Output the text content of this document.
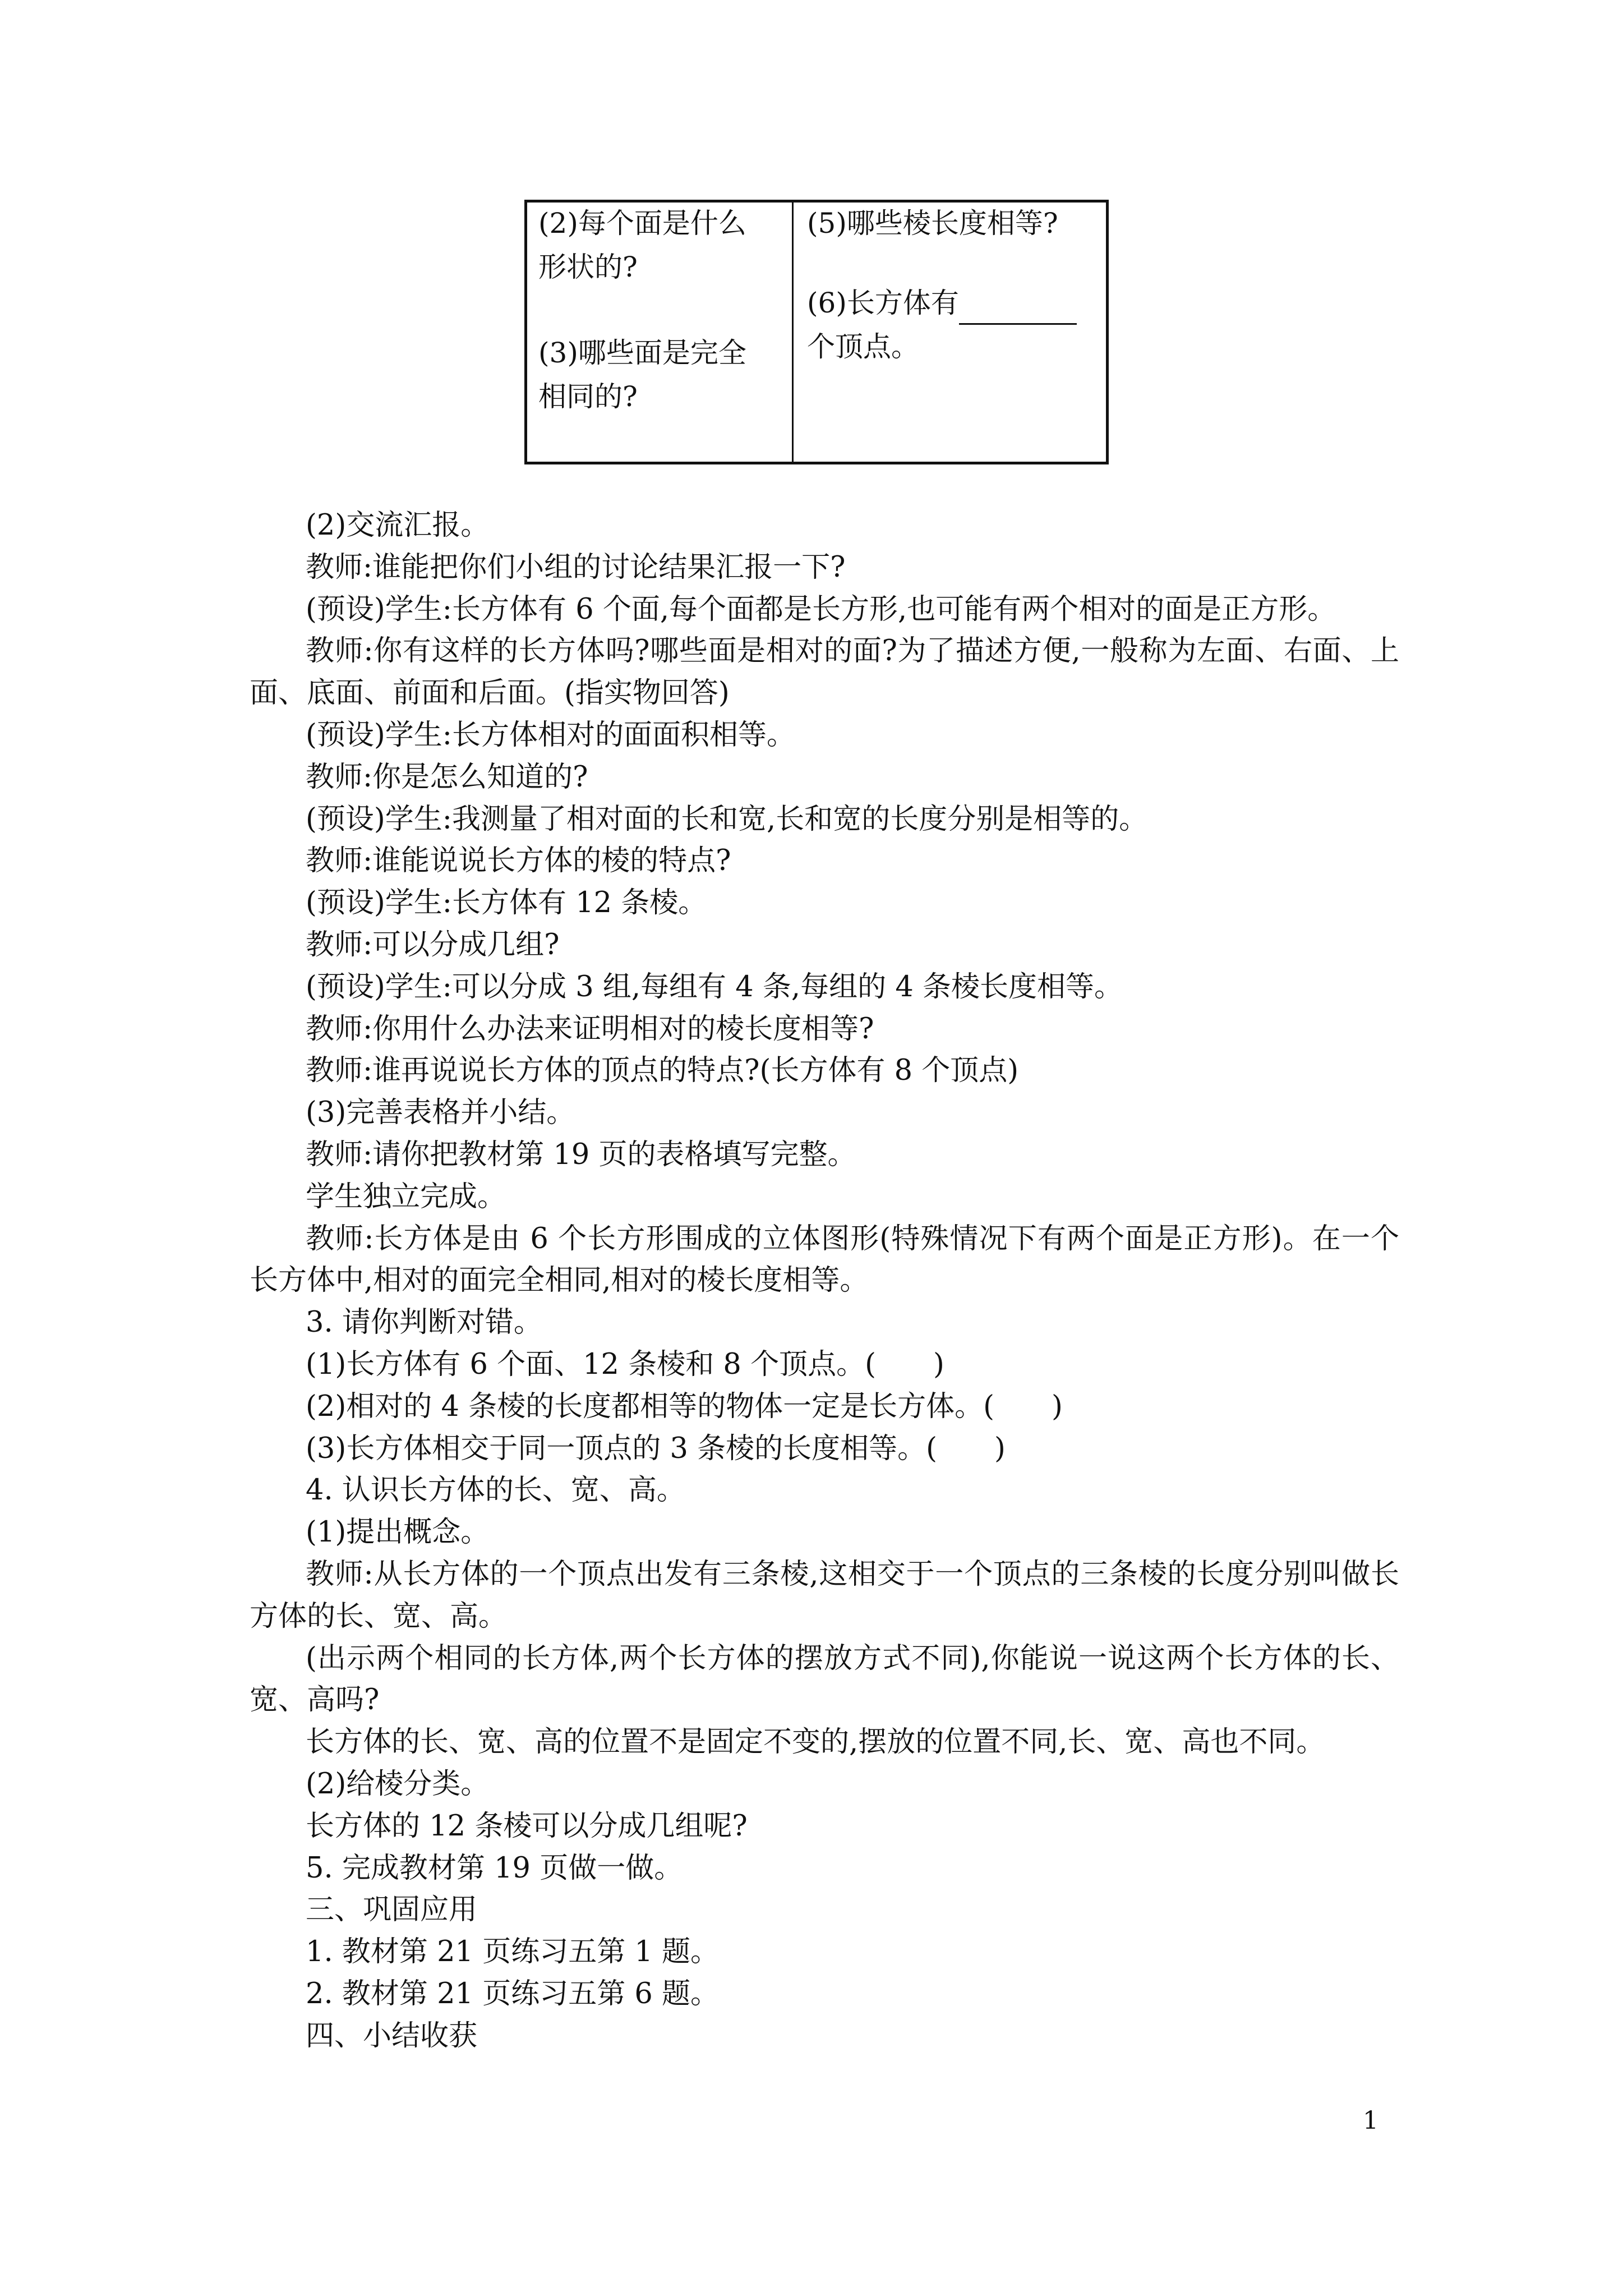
(2)每个面是什么
形状的?
(3)哪些面是完全
相同的?
(5)哪些棱长度相等?
(6)长方体有
个顶点。

(2)交流汇报。

教师:谁能把你们小组的讨论结果汇报一下?

(预设)学生:长方体有 6 个面,每个面都是长方形,也可能有两个相对的面是正方形。

教师:你有这样的长方体吗?哪些面是相对的面?为了描述方便,一般称为左面、右面、上面、底面、前面和后面。(指实物回答)

(预设)学生:长方体相对的面面积相等。

教师:你是怎么知道的?

(预设)学生:我测量了相对面的长和宽,长和宽的长度分别是相等的。

教师:谁能说说长方体的棱的特点?

(预设)学生:长方体有 12 条棱。

教师:可以分成几组?

(预设)学生:可以分成 3 组,每组有 4 条,每组的 4 条棱长度相等。

教师:你用什么办法来证明相对的棱长度相等?

教师:谁再说说长方体的顶点的特点?(长方体有 8 个顶点)

(3)完善表格并小结。

教师:请你把教材第 19 页的表格填写完整。

学生独立完成。

教师:长方体是由 6 个长方形围成的立体图形(特殊情况下有两个面是正方形)。在一个长方体中,相对的面完全相同,相对的棱长度相等。

3. 请你判断对错。

(1)长方体有 6 个面、12 条棱和 8 个顶点。(　　)

(2)相对的 4 条棱的长度都相等的物体一定是长方体。(　　)

(3)长方体相交于同一顶点的 3 条棱的长度相等。(　　)

4. 认识长方体的长、宽、高。

(1)提出概念。

教师:从长方体的一个顶点出发有三条棱,这相交于一个顶点的三条棱的长度分别叫做长方体的长、宽、高。

(出示两个相同的长方体,两个长方体的摆放方式不同),你能说一说这两个长方体的长、宽、高吗?

长方体的长、宽、高的位置不是固定不变的,摆放的位置不同,长、宽、高也不同。

(2)给棱分类。

长方体的 12 条棱可以分成几组呢?

5. 完成教材第 19 页做一做。

三、巩固应用

1. 教材第 21 页练习五第 1 题。

2. 教材第 21 页练习五第 6 题。

四、小结收获

1
